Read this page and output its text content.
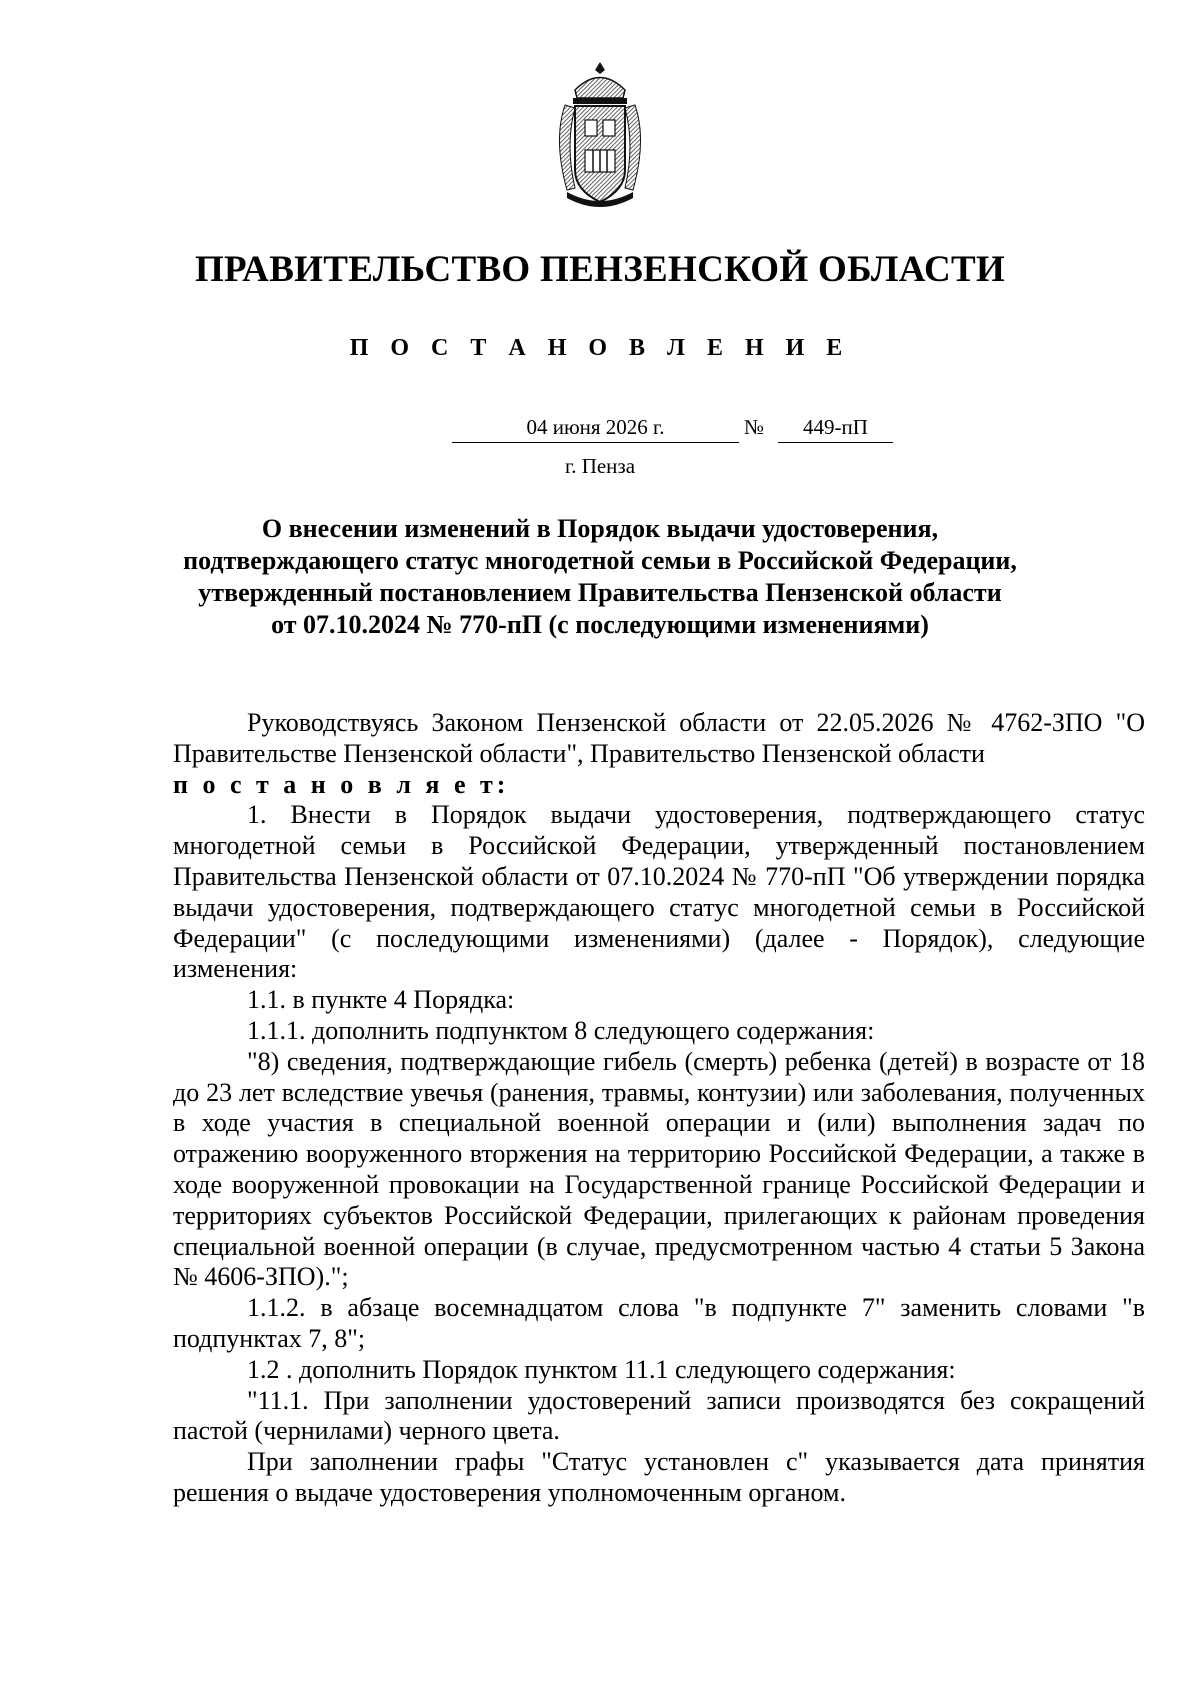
ПРАВИТЕЛЬСТВО ПЕНЗЕНСКОЙ ОБЛАСТИ
П О С Т А Н О В Л Е Н И Е
04 июня 2026 г.	№	449-пП
г. Пенза
О внесении изменений в Порядок выдачи удостоверения,
подтверждающего статус многодетной семьи в Российской Федерации,
утвержденный постановлением Правительства Пензенской области
от 07.10.2024 № 770-пП (с последующими изменениями)

Руководствуясь Законом Пензенской области от 22.05.2026 № 4762-ЗПО "О Правительстве Пензенской области", Правительство Пензенской области

п о с т а н о в л я е т:

1. Внести в Порядок выдачи удостоверения, подтверждающего статус многодетной семьи в Российской Федерации, утвержденный постановлением Правительства Пензенской области от 07.10.2024 № 770-пП "Об утверждении порядка выдачи удостоверения, подтверждающего статус многодетной семьи в Российской Федерации" (с последующими изменениями) (далее - Порядок), следующие изменения:

1.1. в пункте 4 Порядка:

1.1.1. дополнить подпунктом 8 следующего содержания:

"8) сведения, подтверждающие гибель (смерть) ребенка (детей) в возрасте от 18 до 23 лет вследствие увечья (ранения, травмы, контузии) или заболевания, полученных в ходе участия в специальной военной операции и (или) выполнения задач по отражению вооруженного вторжения на территорию Российской Федерации, а также в ходе вооруженной провокации на Государственной границе Российской Федерации и территориях субъектов Российской Федерации, прилегающих к районам проведения специальной военной операции (в случае, предусмотренном частью 4 статьи 5 Закона № 4606-ЗПО).";

1.1.2. в абзаце восемнадцатом слова "в подпункте 7" заменить словами "в подпунктах 7, 8";

1.2 . дополнить Порядок пунктом 11.1 следующего содержания:

"11.1. При заполнении удостоверений записи производятся без сокращений пастой (чернилами) черного цвета.

При заполнении графы "Статус установлен с" указывается дата принятия решения о выдаче удостоверения уполномоченным органом.
